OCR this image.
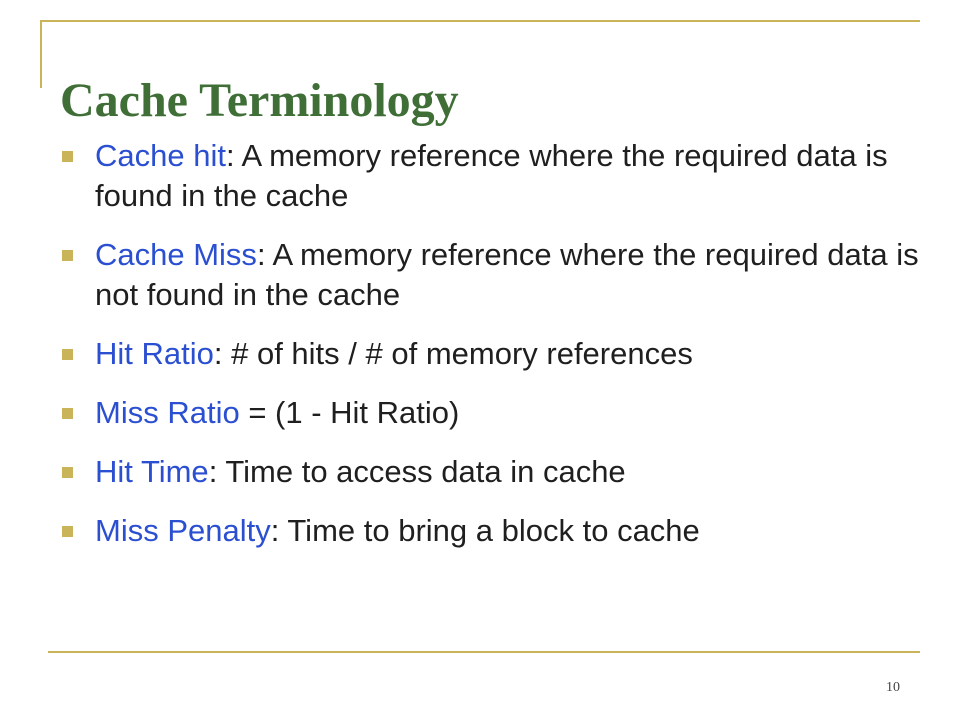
Cache Terminology
Cache hit: A memory reference where the required data is found in the cache
Cache Miss: A memory reference where the required data is not found in the cache
Hit Ratio: # of hits / # of memory references
Miss Ratio = (1 - Hit Ratio)
Hit Time: Time to access data in cache
Miss Penalty: Time to bring a block to cache
10
